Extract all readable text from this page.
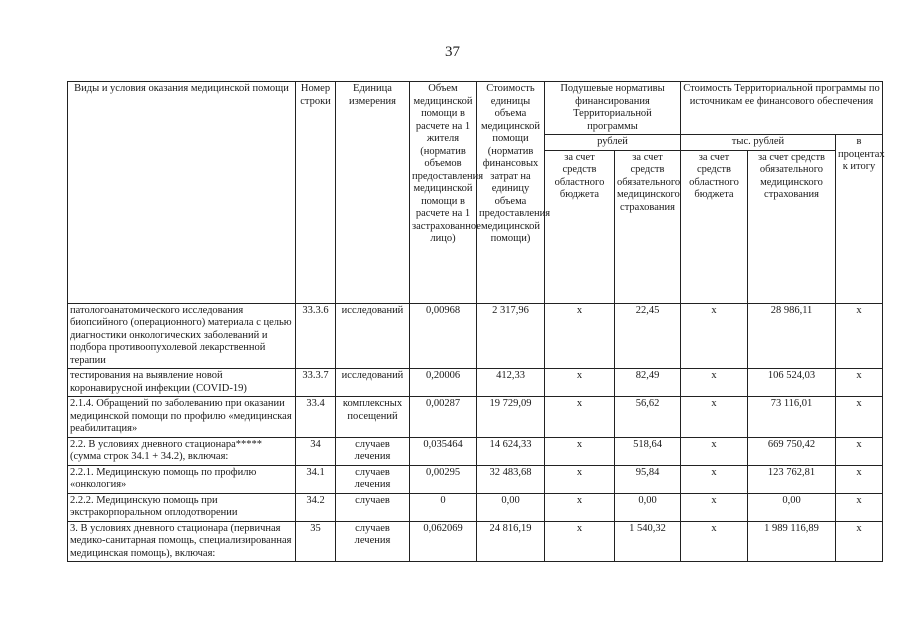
37
Виды и условия оказания медицинской помощи	Номер строки	Единица измерения	Объем медицинской помощи в расчете на 1 жителя (норматив объемов предоставления медицинской помощи в расчете на 1 застрахованное лицо)	Стоимость единицы объема медицинской помощи (норматив финансовых затрат на единицу объема предоставления медицинской помощи)	Подушевые нормативы финансирования Территориальной программы		Стоимость Территориальной программы по источникам ее финансового обеспечения		
					рублей		тыс. рублей		в процентах к итогу
					за счет средств областного бюджета	за счет средств обязательного медицинского страхования	за счет средств областного бюджета	за счет средств обязательного медицинского страхования	
патологоанатомического исследования биопсийного (операционного) материала с целью диагностики онкологических заболеваний и подбора противоопухолевой лекарственной терапии	33.3.6	исследований	0,00968	2 317,96	х	22,45	х	28 986,11	х
тестирования на выявление новой коронавирусной инфекции (COVID-19)	33.3.7	исследований	0,20006	412,33	х	82,49	х	106 524,03	х
2.1.4. Обращений по заболеванию при оказании медицинской помощи по профилю «медицинская реабилитация»	33.4	комплексных посещений	0,00287	19 729,09	х	56,62	х	73 116,01	х
2.2. В условиях дневного стационара***** (сумма строк 34.1 + 34.2), включая:	34	случаев лечения	0,035464	14 624,33	х	518,64	х	669 750,42	х
2.2.1. Медицинскую помощь по профилю «онкология»	34.1	случаев лечения	0,00295	32 483,68	х	95,84	х	123 762,81	х
2.2.2. Медицинскую помощь при экстракорпоральном оплодотворении	34.2	случаев	0	0,00	х	0,00	х	0,00	х
3. В условиях дневного стационара (первичная медико-санитарная помощь, специализированная медицинская помощь), включая:	35	случаев лечения	0,062069	24 816,19	х	1 540,32	х	1 989 116,89	х
